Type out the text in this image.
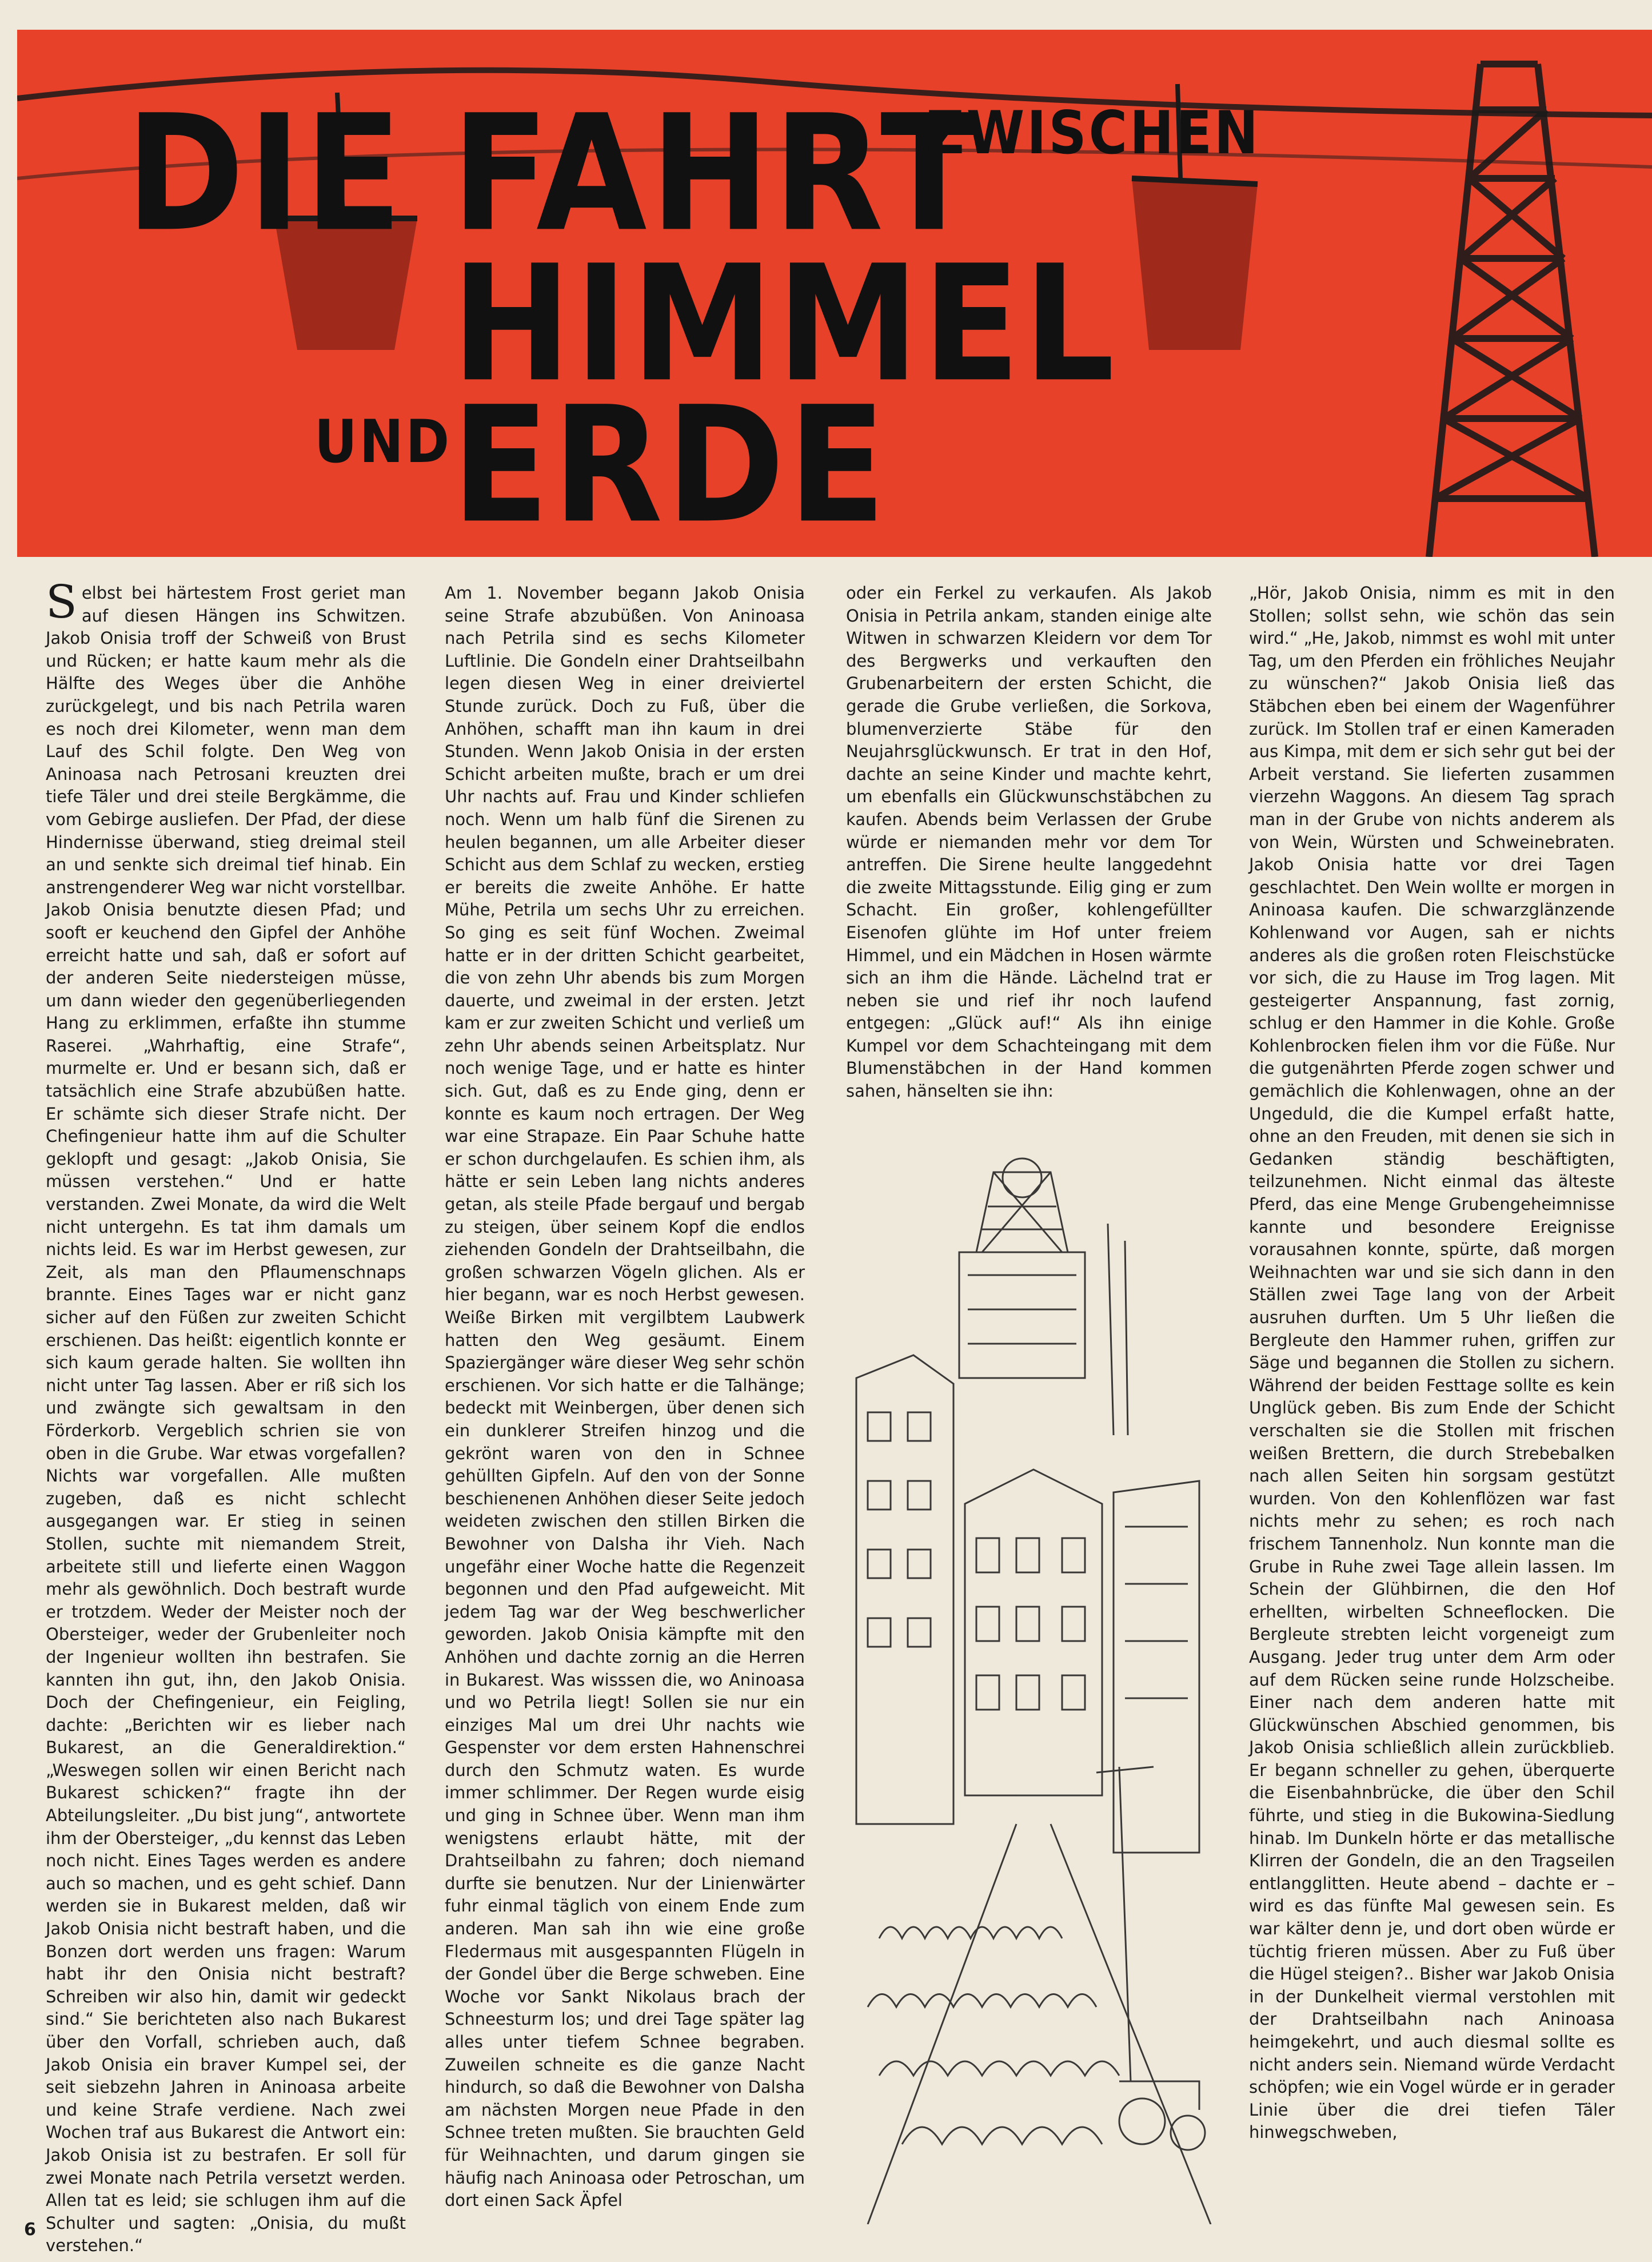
DIE FAHRT
ZWISCHEN
HIMMEL
UND ERDE
S elbst bei härtestem Frost geriet man auf diesen Hängen ins Schwitzen. Jakob Onisia troff der Schweiß von Brust und Rücken; er hatte kaum mehr als die Hälfte des Weges über die Anhöhe zurückgelegt, und bis nach Petrila waren es noch drei Kilometer, wenn man dem Lauf des Schil folgte. Den Weg von Aninoasa nach Petrosani kreuzten drei tiefe Täler und drei steile Bergkämme, die vom Gebirge ausliefen. Der Pfad, der diese Hindernisse überwand, stieg dreimal steil an und senkte sich dreimal tief hinab. Ein anstrengenderer Weg war nicht vorstellbar. Jakob Onisia benutzte diesen Pfad; und sooft er keuchend den Gipfel der Anhöhe erreicht hatte und sah, daß er sofort auf der anderen Seite niedersteigen müsse, um dann wieder den gegenüberliegenden Hang zu erklimmen, erfaßte ihn stumme Raserei. „Wahrhaftig, eine Strafe“, murmelte er. Und er besann sich, daß er tatsächlich eine Strafe abzubüßen hatte. Er schämte sich dieser Strafe nicht. Der Chefingenieur hatte ihm auf die Schulter geklopft und gesagt: „Jakob Onisia, Sie müssen verstehen.“ Und er hatte verstanden. Zwei Monate, da wird die Welt nicht untergehn. Es tat ihm damals um nichts leid. Es war im Herbst gewesen, zur Zeit, als man den Pflaumenschnaps brannte. Eines Tages war er nicht ganz sicher auf den Füßen zur zweiten Schicht erschienen. Das heißt: eigentlich konnte er sich kaum gerade halten. Sie wollten ihn nicht unter Tag lassen. Aber er riß sich los und zwängte sich gewaltsam in den Förderkorb. Vergeblich schrien sie von oben in die Grube. War etwas vorgefallen? Nichts war vorgefallen. Alle mußten zugeben, daß es nicht schlecht ausgegangen war. Er stieg in seinen Stollen, suchte mit niemandem Streit, arbeitete still und lieferte einen Waggon mehr als gewöhnlich. Doch bestraft wurde er trotzdem. Weder der Meister noch der Obersteiger, weder der Grubenleiter noch der Ingenieur wollten ihn bestrafen. Sie kannten ihn gut, ihn, den Jakob Onisia. Doch der Chefingenieur, ein Feigling, dachte: „Berichten wir es lieber nach Bukarest, an die Generaldirektion.“ „Weswegen sollen wir einen Bericht nach Bukarest schicken?“ fragte ihn der Abteilungsleiter. „Du bist jung“, antwortete ihm der Obersteiger, „du kennst das Leben noch nicht. Eines Tages werden es andere auch so machen, und es geht schief. Dann werden sie in Bukarest melden, daß wir Jakob Onisia nicht bestraft haben, und die Bonzen dort werden uns fragen: Warum habt ihr den Onisia nicht bestraft? Schreiben wir also hin, damit wir gedeckt sind.“ Sie berichteten also nach Bukarest über den Vorfall, schrieben auch, daß Jakob Onisia ein braver Kumpel sei, der seit siebzehn Jahren in Aninoasa arbeite und keine Strafe verdiene. Nach zwei Wochen traf aus Bukarest die Antwort ein: Jakob Onisia ist zu bestrafen. Er soll für zwei Monate nach Petrila versetzt werden. Allen tat es leid; sie schlugen ihm auf die Schulter und sagten: „Onisia, du mußt verstehen.“

Am 1. November begann Jakob Onisia seine Strafe abzubüßen. Von Aninoasa nach Petrila sind es sechs Kilometer Luftlinie. Die Gondeln einer Drahtseilbahn legen diesen Weg in einer dreiviertel Stunde zurück. Doch zu Fuß, über die Anhöhen, schafft man ihn kaum in drei Stunden. Wenn Jakob Onisia in der ersten Schicht arbeiten mußte, brach er um drei Uhr nachts auf. Frau und Kinder schliefen noch. Wenn um halb fünf die Sirenen zu heulen begannen, um alle Arbeiter dieser Schicht aus dem Schlaf zu wecken, erstieg er bereits die zweite Anhöhe. Er hatte Mühe, Petrila um sechs Uhr zu erreichen. So ging es seit fünf Wochen. Zweimal hatte er in der dritten Schicht gearbeitet, die von zehn Uhr abends bis zum Morgen dauerte, und zweimal in der ersten. Jetzt kam er zur zweiten Schicht und verließ um zehn Uhr abends seinen Arbeitsplatz. Nur noch wenige Tage, und er hatte es hinter sich. Gut, daß es zu Ende ging, denn er konnte es kaum noch ertragen. Der Weg war eine Strapaze. Ein Paar Schuhe hatte er schon durchgelaufen. Es schien ihm, als hätte er sein Leben lang nichts anderes getan, als steile Pfade bergauf und bergab zu steigen, über seinem Kopf die endlos ziehenden Gondeln der Drahtseilbahn, die großen schwarzen Vögeln glichen. Als er hier begann, war es noch Herbst gewesen. Weiße Birken mit vergilbtem Laubwerk hatten den Weg gesäumt. Einem Spaziergänger wäre dieser Weg sehr schön erschienen. Vor sich hatte er die Talhänge; bedeckt mit Weinbergen, über denen sich ein dunklerer Streifen hinzog und die gekrönt waren von den in Schnee gehüllten Gipfeln. Auf den von der Sonne beschienenen Anhöhen dieser Seite jedoch weideten zwischen den stillen Birken die Bewohner von Dalsha ihr Vieh. Nach ungefähr einer Woche hatte die Regenzeit begonnen und den Pfad aufgeweicht. Mit jedem Tag war der Weg beschwerlicher geworden. Jakob Onisia kämpfte mit den Anhöhen und dachte zornig an die Herren in Bukarest. Was wisssen die, wo Aninoasa und wo Petrila liegt! Sollen sie nur ein einziges Mal um drei Uhr nachts wie Gespenster vor dem ersten Hahnenschrei durch den Schmutz waten. Es wurde immer schlimmer. Der Regen wurde eisig und ging in Schnee über. Wenn man ihm wenigstens erlaubt hätte, mit der Drahtseilbahn zu fahren; doch niemand durfte sie benutzen. Nur der Linienwärter fuhr einmal täglich von einem Ende zum anderen. Man sah ihn wie eine große Fledermaus mit ausgespannten Flügeln in der Gondel über die Berge schweben. Eine Woche vor Sankt Nikolaus brach der Schneesturm los; und drei Tage später lag alles unter tiefem Schnee begraben. Zuweilen schneite es die ganze Nacht hindurch, so daß die Bewohner von Dalsha am nächsten Morgen neue Pfade in den Schnee treten mußten. Sie brauchten Geld für Weihnachten, und darum gingen sie häufig nach Aninoasa oder Petroschan, um dort einen Sack Äpfel

oder ein Ferkel zu verkaufen. Als Jakob Onisia in Petrila ankam, standen einige alte Witwen in schwarzen Kleidern vor dem Tor des Bergwerks und verkauften den Grubenarbeitern der ersten Schicht, die gerade die Grube verließen, die Sorkova, blumenverzierte Stäbe für den Neujahrsglückwunsch. Er trat in den Hof, dachte an seine Kinder und machte kehrt, um ebenfalls ein Glückwunschstäbchen zu kaufen. Abends beim Verlassen der Grube würde er niemanden mehr vor dem Tor antreffen. Die Sirene heulte langgedehnt die zweite Mittagsstunde. Eilig ging er zum Schacht. Ein großer, kohlengefüllter Eisenofen glühte im Hof unter freiem Himmel, und ein Mädchen in Hosen wärmte sich an ihm die Hände. Lächelnd trat er neben sie und rief ihr noch laufend entgegen: „Glück auf!“ Als ihn einige Kumpel vor dem Schachteingang mit dem Blumenstäbchen in der Hand kommen sahen, hänselten sie ihn:

„Hör, Jakob Onisia, nimm es mit in den Stollen; sollst sehn, wie schön das sein wird.“ „He, Jakob, nimmst es wohl mit unter Tag, um den Pferden ein fröhliches Neujahr zu wünschen?“ Jakob Onisia ließ das Stäbchen eben bei einem der Wagenführer zurück. Im Stollen traf er einen Kameraden aus Kimpa, mit dem er sich sehr gut bei der Arbeit verstand. Sie lieferten zusammen vierzehn Waggons. An diesem Tag sprach man in der Grube von nichts anderem als von Wein, Würsten und Schweinebraten. Jakob Onisia hatte vor drei Tagen geschlachtet. Den Wein wollte er morgen in Aninoasa kaufen. Die schwarzglänzende Kohlenwand vor Augen, sah er nichts anderes als die großen roten Fleischstücke vor sich, die zu Hause im Trog lagen. Mit gesteigerter Anspannung, fast zornig, schlug er den Hammer in die Kohle. Große Kohlenbrocken fielen ihm vor die Füße. Nur die gutgenährten Pferde zogen schwer und gemächlich die Kohlenwagen, ohne an der Ungeduld, die die Kumpel erfaßt hatte, ohne an den Freuden, mit denen sie sich in Gedanken ständig beschäftigten, teilzunehmen. Nicht einmal das älteste Pferd, das eine Menge Grubengeheimnisse kannte und besondere Ereignisse vorausahnen konnte, spürte, daß morgen Weihnachten war und sie sich dann in den Ställen zwei Tage lang von der Arbeit ausruhen durften. Um 5 Uhr ließen die Bergleute den Hammer ruhen, griffen zur Säge und begannen die Stollen zu sichern. Während der beiden Festtage sollte es kein Unglück geben. Bis zum Ende der Schicht verschalten sie die Stollen mit frischen weißen Brettern, die durch Strebebalken nach allen Seiten hin sorgsam gestützt wurden. Von den Kohlenflözen war fast nichts mehr zu sehen; es roch nach frischem Tannenholz. Nun konnte man die Grube in Ruhe zwei Tage allein lassen. Im Schein der Glühbirnen, die den Hof erhellten, wirbelten Schneeflocken. Die Bergleute strebten leicht vorgeneigt zum Ausgang. Jeder trug unter dem Arm oder auf dem Rücken seine runde Holzscheibe. Einer nach dem anderen hatte mit Glückwünschen Abschied genommen, bis Jakob Onisia schließlich allein zurückblieb. Er begann schneller zu gehen, überquerte die Eisenbahnbrücke, die über den Schil führte, und stieg in die Bukowina-Siedlung hinab. Im Dunkeln hörte er das metallische Klirren der Gondeln, die an den Tragseilen entlangglitten. Heute abend – dachte er – wird es das fünfte Mal gewesen sein. Es war kälter denn je, und dort oben würde er tüchtig frieren müssen. Aber zu Fuß über die Hügel steigen?.. Bisher war Jakob Onisia in der Dunkelheit viermal verstohlen mit der Drahtseilbahn nach Aninoasa heimgekehrt, und auch diesmal sollte es nicht anders sein. Niemand würde Verdacht schöpfen; wie ein Vogel würde er in gerader Linie über die drei tiefen Täler hinwegschweben,

6
